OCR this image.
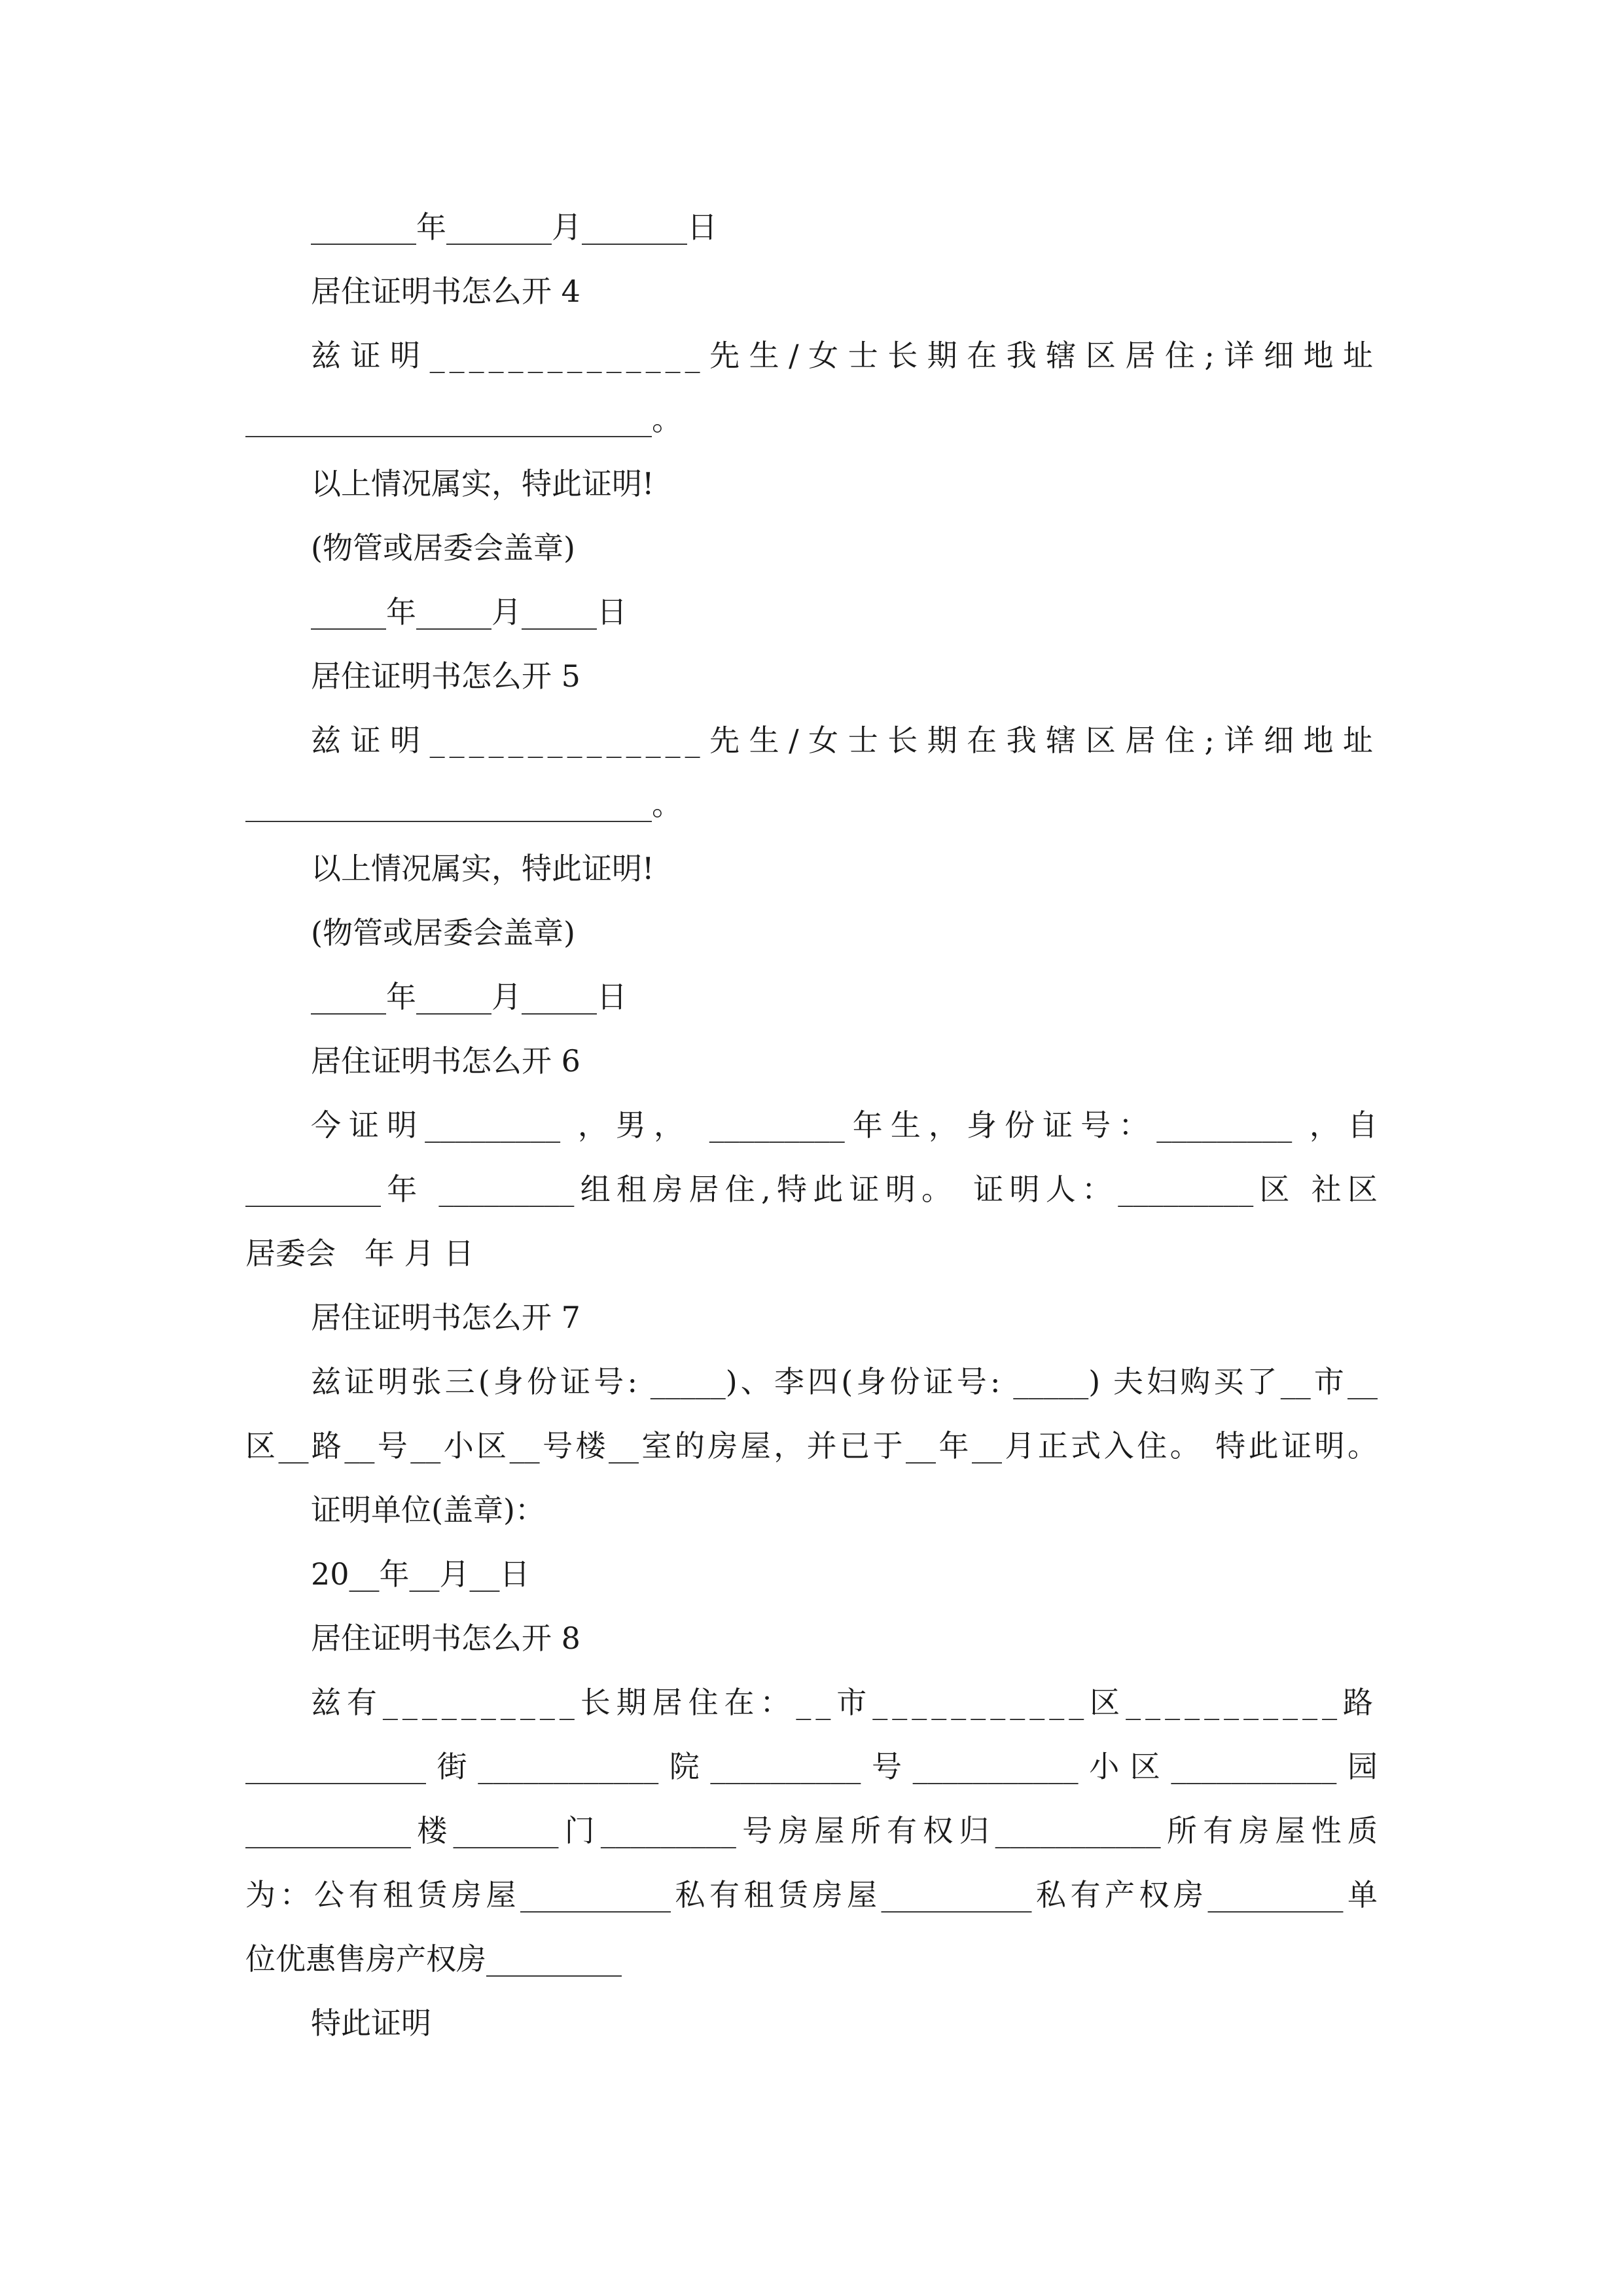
_______年_______月_______日
居住证明书怎么开 4
兹证明______________先生/女士长期在我辖区居住;详细地址
___________________________。
以上情况属实，特此证明!
(物管或居委会盖章)
_____年_____月_____日
居住证明书怎么开 5
兹证明______________先生/女士长期在我辖区居住;详细地址
___________________________。
以上情况属实，特此证明!
(物管或居委会盖章)
_____年_____月_____日
居住证明书怎么开 6
今证明_________ ，男， _________年生，身份证号：_________ ，自
_________年 _________组租房居住,特此证明。 证明人：_________区 社区
居委会   年 月 日
居住证明书怎么开 7
兹证明张三(身份证号: _____)、李四(身份证号: _____) 夫妇购买了__市__
区__路__号__小区__号楼__室的房屋，并已于__年__月正式入住。 特此证明。
证明单位(盖章)：
20__年__月__日
居住证明书怎么开 8
兹有__________长期居住在：__市___________区___________路
____________街____________院__________号___________小区___________园
___________楼_______门_________号房屋所有权归___________所有房屋性质
为：公有租赁房屋__________私有租赁房屋__________私有产权房_________单
位优惠售房产权房_________
特此证明
